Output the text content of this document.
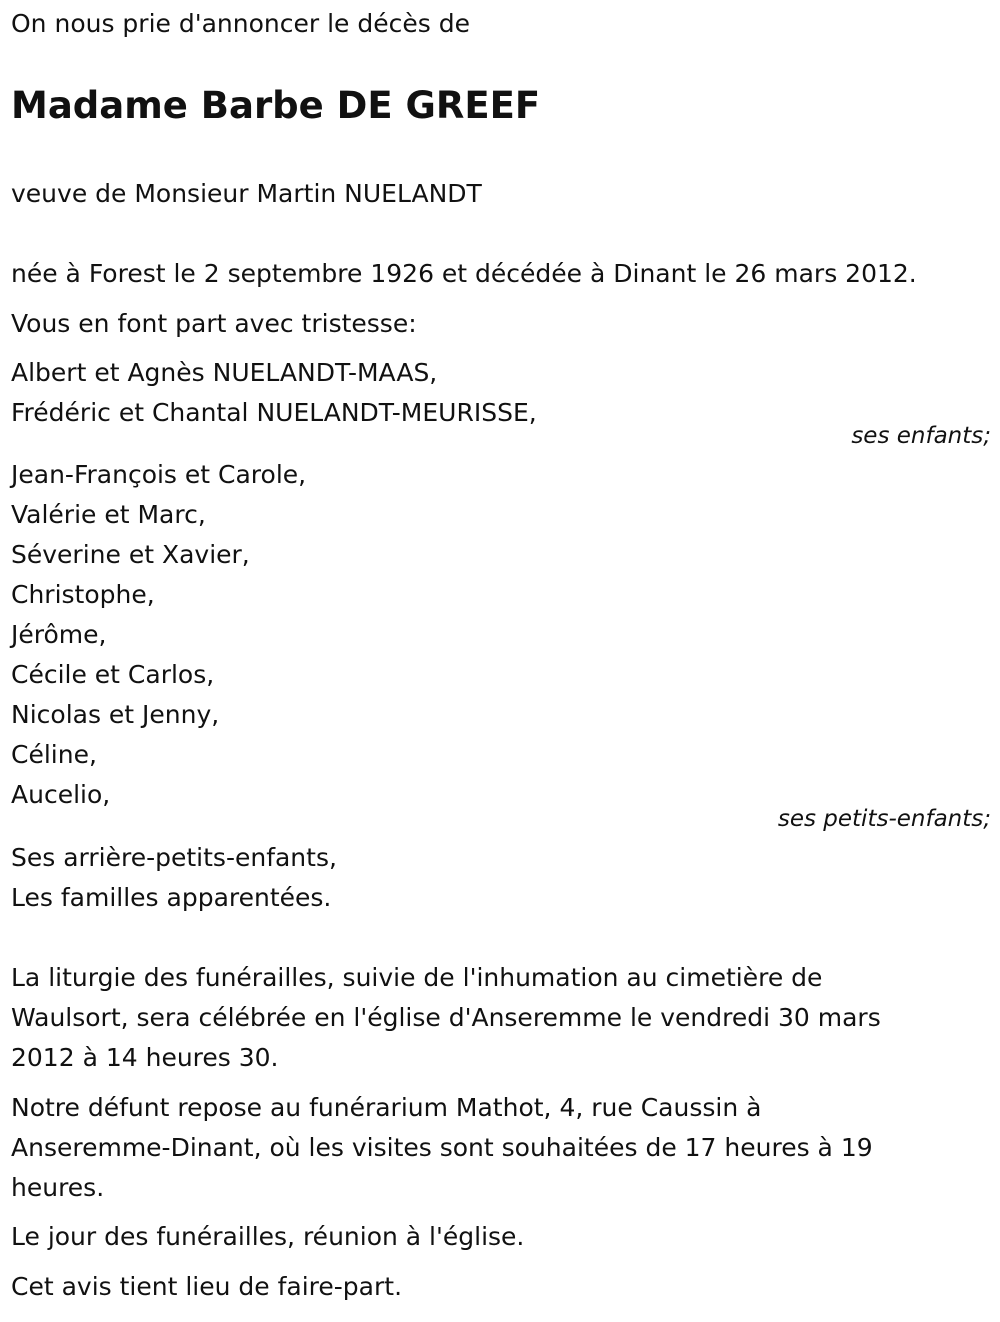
On nous prie d'annoncer le décès de
Madame Barbe DE GREEF
veuve de Monsieur Martin NUELANDT
née à Forest le 2 septembre 1926 et décédée à Dinant le 26 mars 2012.
Vous en font part avec tristesse:
Albert et Agnès NUELANDT-MAAS,
Frédéric et Chantal NUELANDT-MEURISSE,
ses enfants;
Jean-François et Carole,
Valérie et Marc,
Séverine et Xavier,
Christophe,
Jérôme,
Cécile et Carlos,
Nicolas et Jenny,
Céline,
Aucelio,
ses petits-enfants;
Ses arrière-petits-enfants,
Les familles apparentées.
La liturgie des funérailles, suivie de l'inhumation au cimetière de
Waulsort, sera célébrée en l'église d'Anseremme le vendredi 30 mars
2012 à 14 heures 30.
Notre défunt repose au funérarium Mathot, 4, rue Caussin à
Anseremme-Dinant, où les visites sont souhaitées de 17 heures à 19
heures.
Le jour des funérailles, réunion à l'église.
Cet avis tient lieu de faire-part.
